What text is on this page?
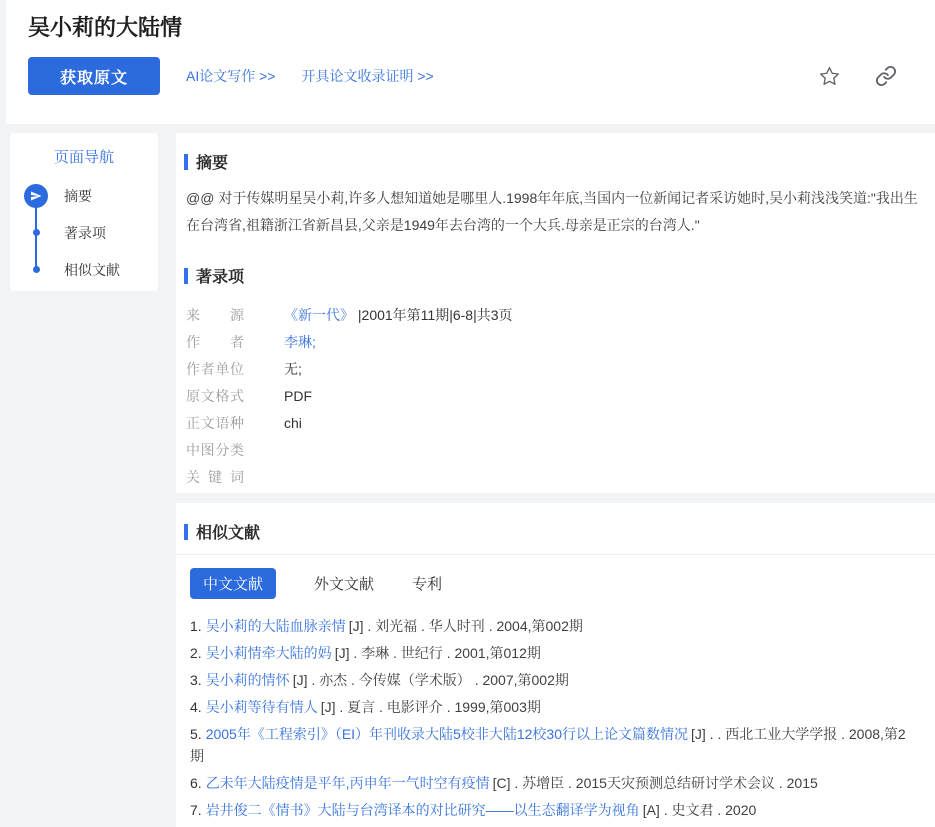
吴小莉的大陆情
获取原文	AI论文写作 >> 开具论文收录证明 >>
页面导航
摘要
著录项
相似文献
摘要

@@ 对于传媒明星吴小莉,许多人想知道她是哪里人.1998年年底,当国内一位新闻记者采访她时,吴小莉浅浅笑道:"我出生在台湾省,祖籍浙江省新昌县,父亲是1949年去台湾的一个大兵.母亲是正宗的台湾人."

著录项
来源	《新一代》 |2001年第11期|6-8|共3页
作者	李琳;
作者单位	无;
原文格式	PDF
正文语种	chi
中图分类
关键词
相似文献
中文文献	外文文献	专利
1. 吴小莉的大陆血脉亲情 [J] . 刘光福 . 华人时刊 . 2004,第002期
2. 吴小莉情牵大陆的妈 [J] . 李琳 . 世纪行 . 2001,第012期
3. 吴小莉的情怀 [J] . 亦杰 . 今传媒（学术版） . 2007,第002期
4. 吴小莉等待有情人 [J] . 夏言 . 电影评介 . 1999,第003期
5. 2005年《工程索引》（EI）年刊收录大陆5校非大陆12校30行以上论文篇数情况 [J] . . 西北工业大学学报 . 2008,第2期
6. 乙未年大陆疫情是平年,丙申年一气时空有疫情 [C] . 苏增臣 . 2015天灾预测总结研讨学术会议 . 2015
7. 岩井俊二《情书》大陆与台湾译本的对比研究——以生态翻译学为视角 [A] . 史文君 . 2020
